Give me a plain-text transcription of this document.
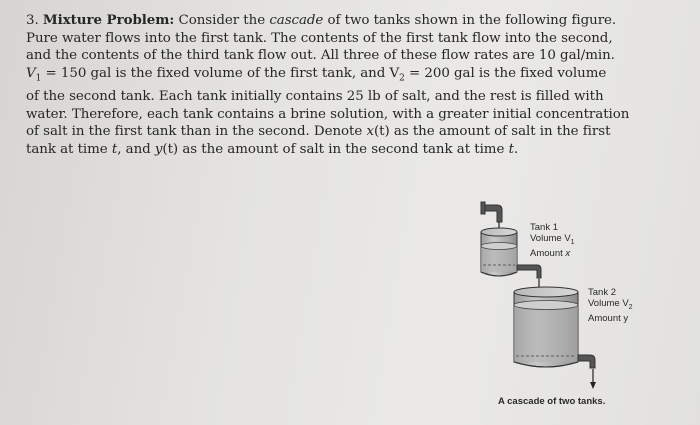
3. Mixture Problem: Consider the cascade of two tanks shown in the following figure.

Pure water flows into the first tank. The contents of the first tank flow into the second,

and the contents of the third tank flow out. All three of these flow rates are 10 gal/min.

$V_1 = 150$ gal is the fixed volume of the first tank, and $V_2 = 200$ gal is the fixed volume

of the second tank. Each tank initially contains 25 lb of salt, and the rest is filled with

water. Therefore, each tank contains a brine solution, with a greater initial concentration

of salt in the first tank than in the second. Denote x(t) as the amount of salt in the first

tank at time t, and y(t) as the amount of salt in the second tank at time t.

Tank 1
Volume $V_1$
Amount x
Tank 2
Volume $V_2$
Amount y
A cascade of two tanks.
